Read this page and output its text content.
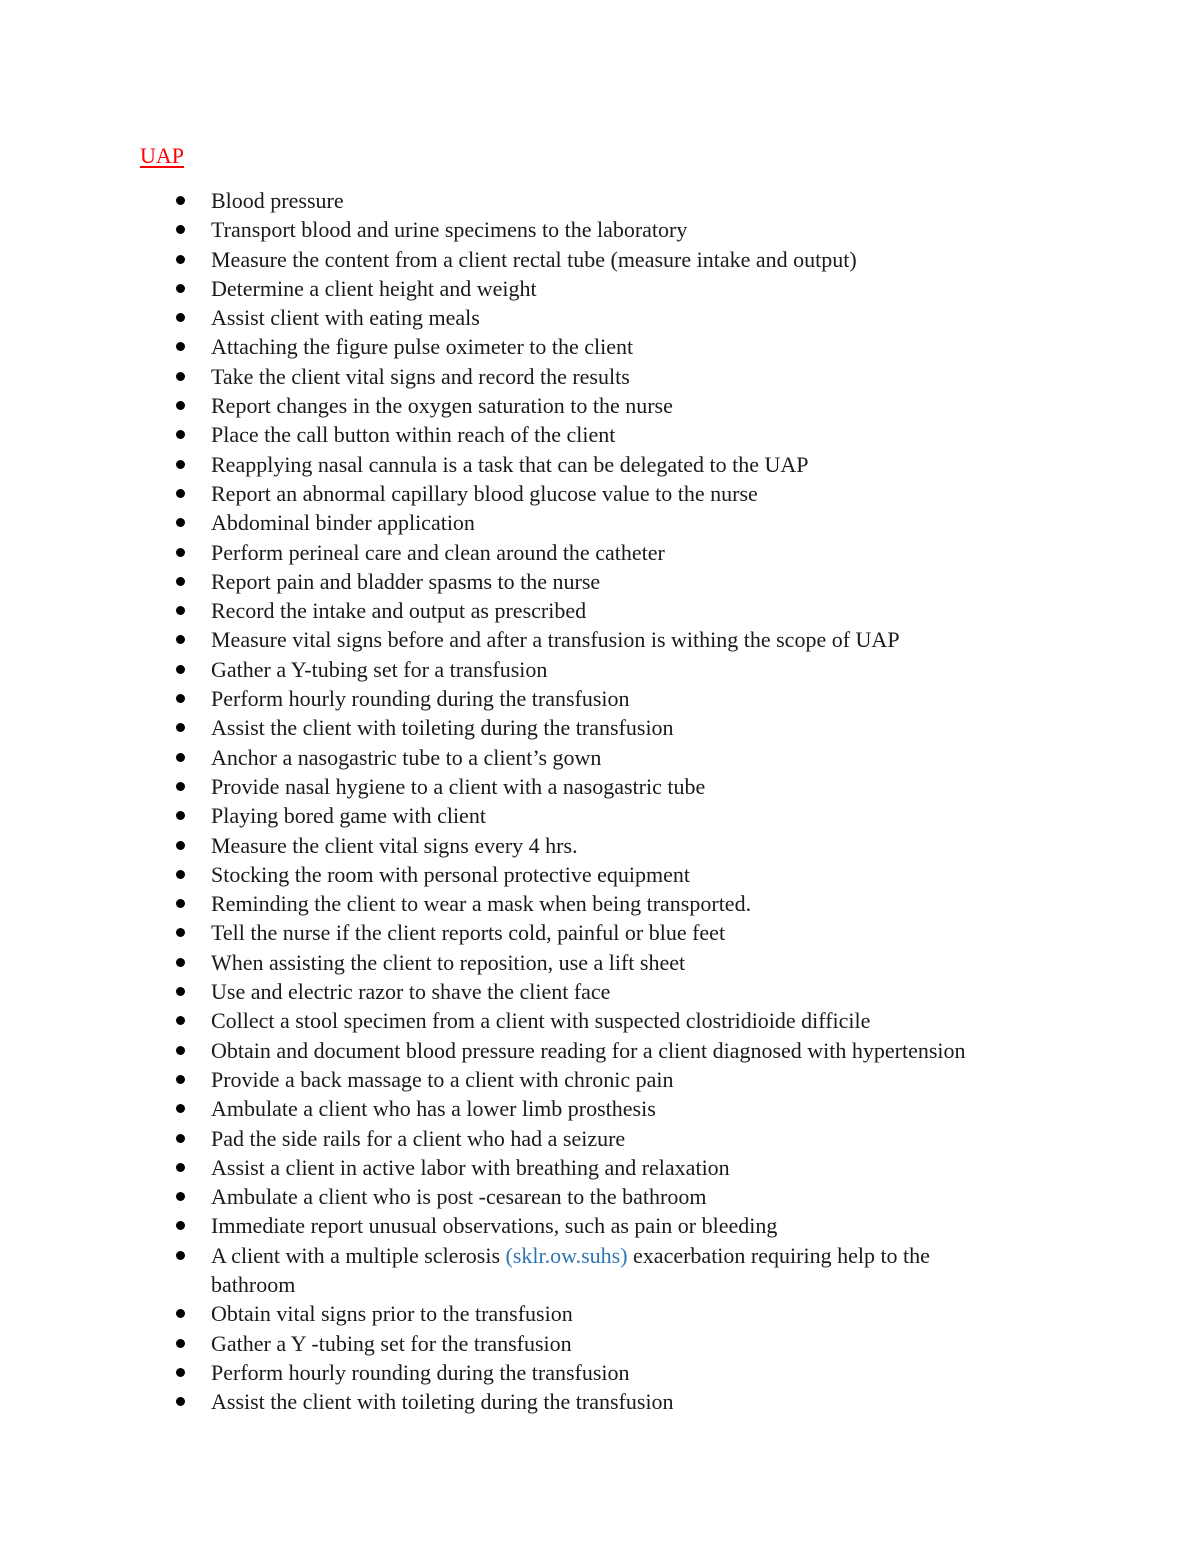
UAP
Blood pressure
Transport blood and urine specimens to the laboratory
Measure the content from a client rectal tube (measure intake and output)
Determine a client height and weight
Assist client with eating meals
Attaching the figure pulse oximeter to the client
Take the client vital signs and record the results
Report changes in the oxygen saturation to the nurse
Place the call button within reach of the client
Reapplying nasal cannula is a task that can be delegated to the UAP
Report an abnormal capillary blood glucose value to the nurse
Abdominal binder application
Perform perineal care and clean around the catheter
Report pain and bladder spasms to the nurse
Record the intake and output as prescribed
Measure vital signs before and after a transfusion is withing the scope of UAP
Gather a Y-tubing set for a transfusion
Perform hourly rounding during the transfusion
Assist the client with toileting during the transfusion
Anchor a nasogastric tube to a client’s gown
Provide nasal hygiene to a client with a nasogastric tube
Playing bored game with client
Measure the client vital signs every 4 hrs.
Stocking the room with personal protective equipment
Reminding the client to wear a mask when being transported.
Tell the nurse if the client reports cold, painful or blue feet
When assisting the client to reposition, use a lift sheet
Use and electric razor to shave the client face
Collect a stool specimen from a client with suspected clostridioide difficile
Obtain and document blood pressure reading for a client diagnosed with hypertension
Provide a back massage to a client with chronic pain
Ambulate a client who has a lower limb prosthesis
Pad the side rails for a client who had a seizure
Assist a client in active labor with breathing and relaxation
Ambulate a client who is post -cesarean to the bathroom
Immediate report unusual observations, such as pain or bleeding
A client with a multiple sclerosis (sklr.ow.suhs) exacerbation requiring help to the bathroom
Obtain vital signs prior to the transfusion
Gather a Y -tubing set for the transfusion
Perform hourly rounding during the transfusion
Assist the client with toileting during the transfusion
